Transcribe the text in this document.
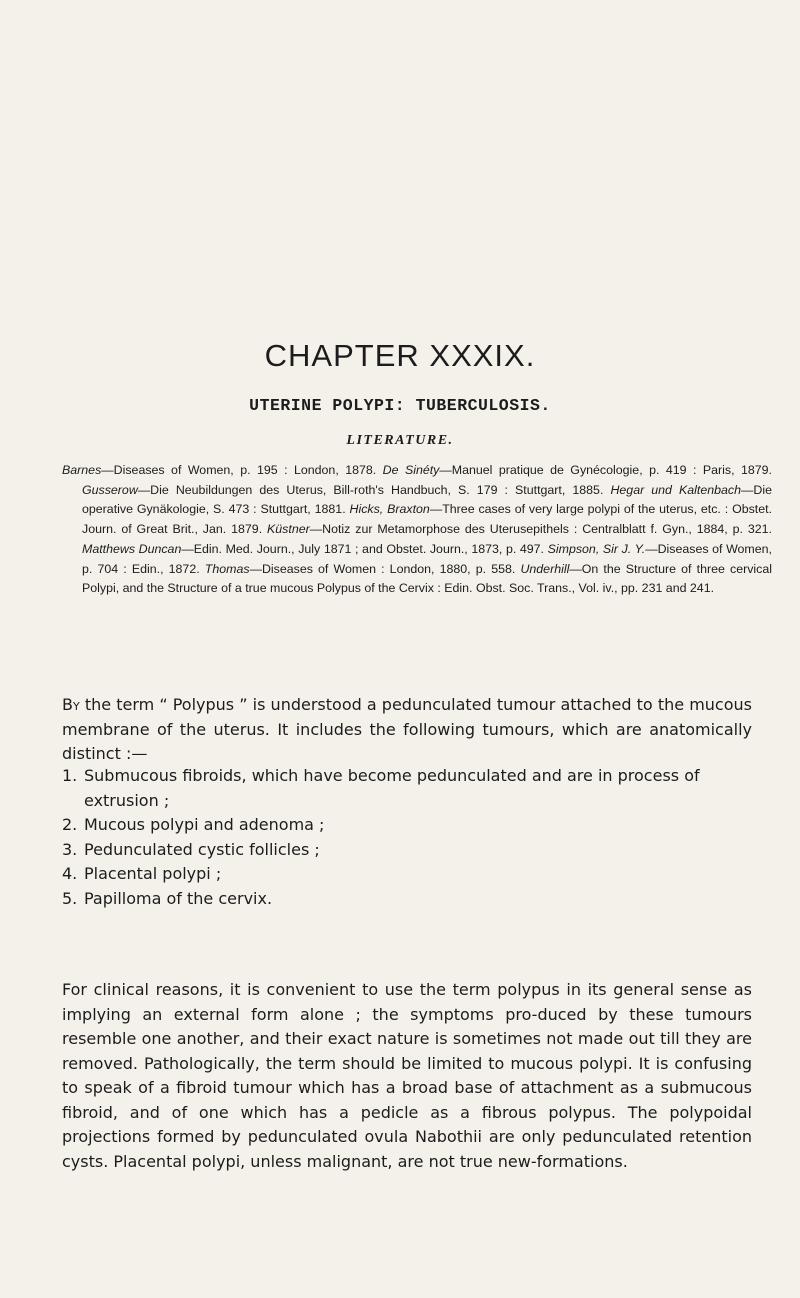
CHAPTER XXXIX.
UTERINE POLYPI: TUBERCULOSIS.
LITERATURE.

Barnes—Diseases of Women, p. 195 : London, 1878. De Sinéty—Manuel pratique de Gynécologie, p. 419 : Paris, 1879. Gusserow—Die Neubildungen des Uterus, Bill-roth's Handbuch, S. 179 : Stuttgart, 1885. Hegar und Kaltenbach—Die operative Gynäkologie, S. 473 : Stuttgart, 1881. Hicks, Braxton—Three cases of very large polypi of the uterus, etc. : Obstet. Journ. of Great Brit., Jan. 1879. Küstner—Notiz zur Metamorphose des Uterusepithels : Centralblatt f. Gyn., 1884, p. 321. Matthews Duncan—Edin. Med. Journ., July 1871 ; and Obstet. Journ., 1873, p. 497. Simpson, Sir J. Y.—Diseases of Women, p. 704 : Edin., 1872. Thomas—Diseases of Women : London, 1880, p. 558. Underhill—On the Structure of three cervical Polypi, and the Structure of a true mucous Polypus of the Cervix : Edin. Obst. Soc. Trans., Vol. iv., pp. 231 and 241.

By the term “ Polypus ” is understood a pedunculated tumour attached to the mucous membrane of the uterus. It includes the following tumours, which are anatomically distinct :—

1. Submucous fibroids, which have become pedunculated and are in process of extrusion ;
2. Mucous polypi and adenoma ;
3. Pedunculated cystic follicles ;
4. Placental polypi ;
5. Papilloma of the cervix.

For clinical reasons, it is convenient to use the term polypus in its general sense as implying an external form alone ; the symptoms pro-duced by these tumours resemble one another, and their exact nature is sometimes not made out till they are removed. Pathologically, the term should be limited to mucous polypi. It is confusing to speak of a fibroid tumour which has a broad base of attachment as a submucous fibroid, and of one which has a pedicle as a fibrous polypus. The polypoidal projections formed by pedunculated ovula Nabothii are only pedunculated retention cysts. Placental polypi, unless malignant, are not true new-formations.
